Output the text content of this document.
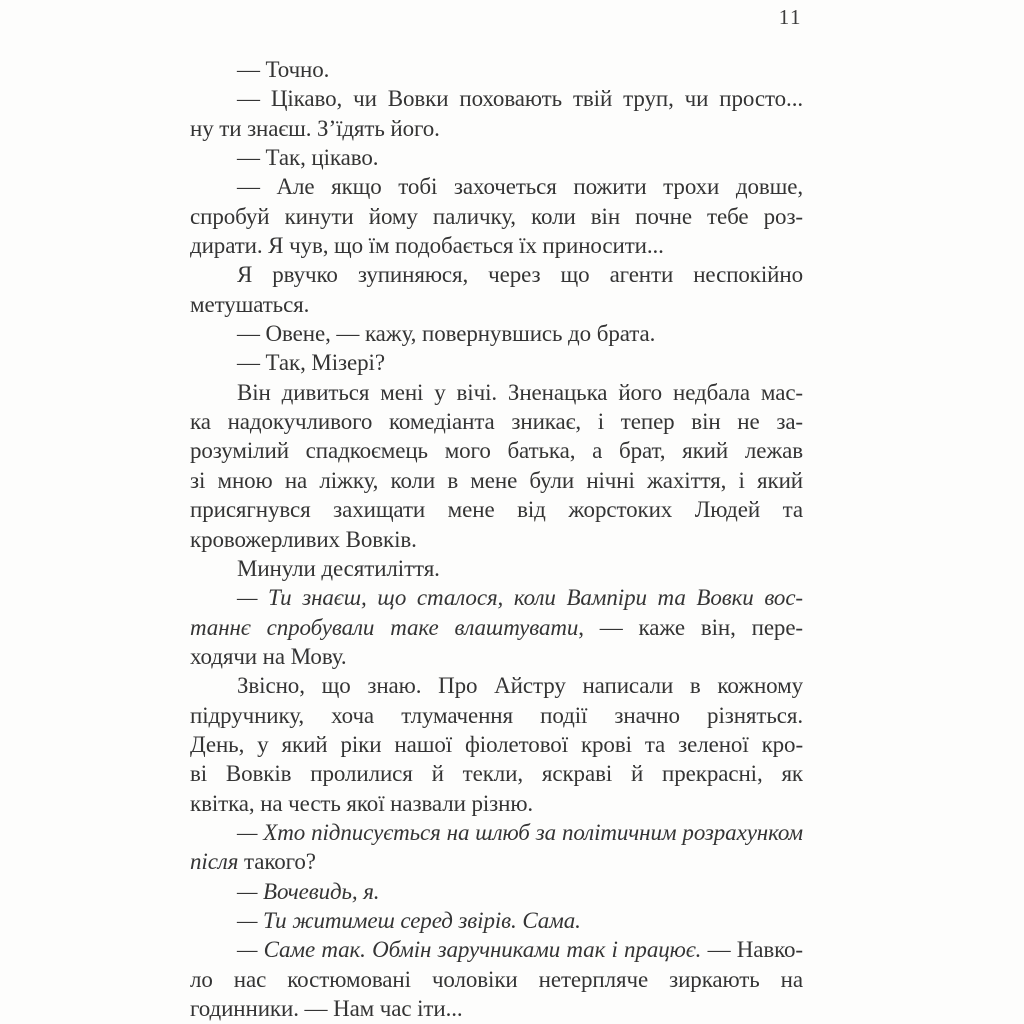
11
— Точно.
— Цікаво, чи Вовки поховають твій труп, чи просто...
ну ти знаєш. З’їдять його.
— Так, цікаво.
— Але якщо тобі захочеться пожити трохи довше,
спробуй кинути йому паличку, коли він почне тебе роз-
дирати. Я чув, що їм подобається їх приносити...
Я рвучко зупиняюся, через що агенти неспокійно
метушаться.
— Овене, — кажу, повернувшись до брата.
— Так, Мізері?
Він дивиться мені у вічі. Зненацька його недбала мас-
ка надокучливого комедіанта зникає, і тепер він не за-
розумілий спадкоємець мого батька, а брат, який лежав
зі мною на ліжку, коли в мене були нічні жахіття, і який
присягнувся захищати мене від жорстоких Людей та
кровожерливих Вовків.
Минули десятиліття.
— Ти знаєш, що сталося, коли Вампіри та Вовки вос-
таннє спробували таке влаштувати, — каже він, пере-
ходячи на Мову.
Звісно, що знаю. Про Айстру написали в кожному
підручнику, хоча тлумачення події значно різняться.
День, у який ріки нашої фіолетової крові та зеленої кро-
ві Вовків пролилися й текли, яскраві й прекрасні, як
квітка, на честь якої назвали різню.
— Хто підписується на шлюб за політичним розрахунком
після такого?
— Вочевидь, я.
— Ти житимеш серед звірів. Сама.
— Саме так. Обмін заручниками так і працює. — Навко-
ло нас костюмовані чоловіки нетерпляче зиркають на
годинники. — Нам час іти...
